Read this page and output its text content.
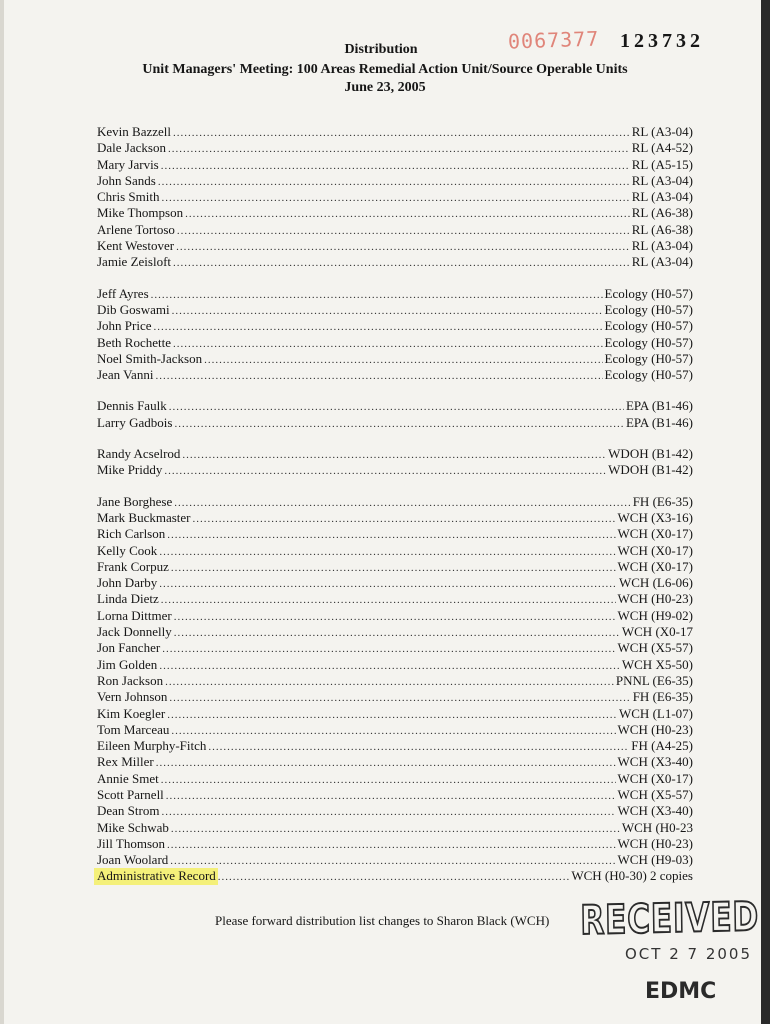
0067377 123732
Distribution
Unit Managers' Meeting: 100 Areas Remedial Action Unit/Source Operable Units
June 23, 2005
Kevin Bazzell .....	RL (A3-04)
Dale Jackson .....	RL (A4-52)
Mary Jarvis .....	RL (A5-15)
John Sands .....	RL (A3-04)
Chris Smith .....	RL (A3-04)
Mike Thompson .....	RL (A6-38)
Arlene Tortoso .....	RL (A6-38)
Kent Westover .....	RL (A3-04)
Jamie Zeisloft .....	RL (A3-04)
Jeff Ayres .....	Ecology (H0-57)
Dib Goswami .....	Ecology (H0-57)
John Price .....	Ecology (H0-57)
Beth Rochette .....	Ecology (H0-57)
Noel Smith-Jackson .....	Ecology (H0-57)
Jean Vanni .....	Ecology (H0-57)
Dennis Faulk .....	EPA (B1-46)
Larry Gadbois .....	EPA (B1-46)
Randy Acselrod .....	WDOH (B1-42)
Mike Priddy .....	WDOH (B1-42)
Jane Borghese .....	FH (E6-35)
Mark Buckmaster .....	WCH (X3-16)
Rich Carlson .....	WCH (X0-17)
Kelly Cook .....	WCH (X0-17)
Frank Corpuz .....	WCH (X0-17)
John Darby .....	WCH (L6-06)
Linda Dietz .....	WCH (H0-23)
Lorna Dittmer .....	WCH (H9-02)
Jack Donnelly .....	WCH (X0-17
Jon Fancher .....	WCH (X5-57)
Jim Golden .....	WCH X5-50)
Ron Jackson .....	PNNL (E6-35)
Vern Johnson .....	FH (E6-35)
Kim Koegler .....	WCH (L1-07)
Tom Marceau .....	WCH (H0-23)
Eileen Murphy-Fitch .....	FH (A4-25)
Rex Miller .....	WCH (X3-40)
Annie Smet .....	WCH (X0-17)
Scott Parnell .....	WCH (X5-57)
Dean Strom .....	WCH (X3-40)
Mike Schwab .....	WCH (H0-23
Jill Thomson .....	WCH (H0-23)
Joan Woolard .....	WCH (H9-03)
Administrative Record .....	WCH (H0-30) 2 copies
Please forward distribution list changes to Sharon Black (WCH) RECEIVED
OCT 2 7 2005
EDMC
